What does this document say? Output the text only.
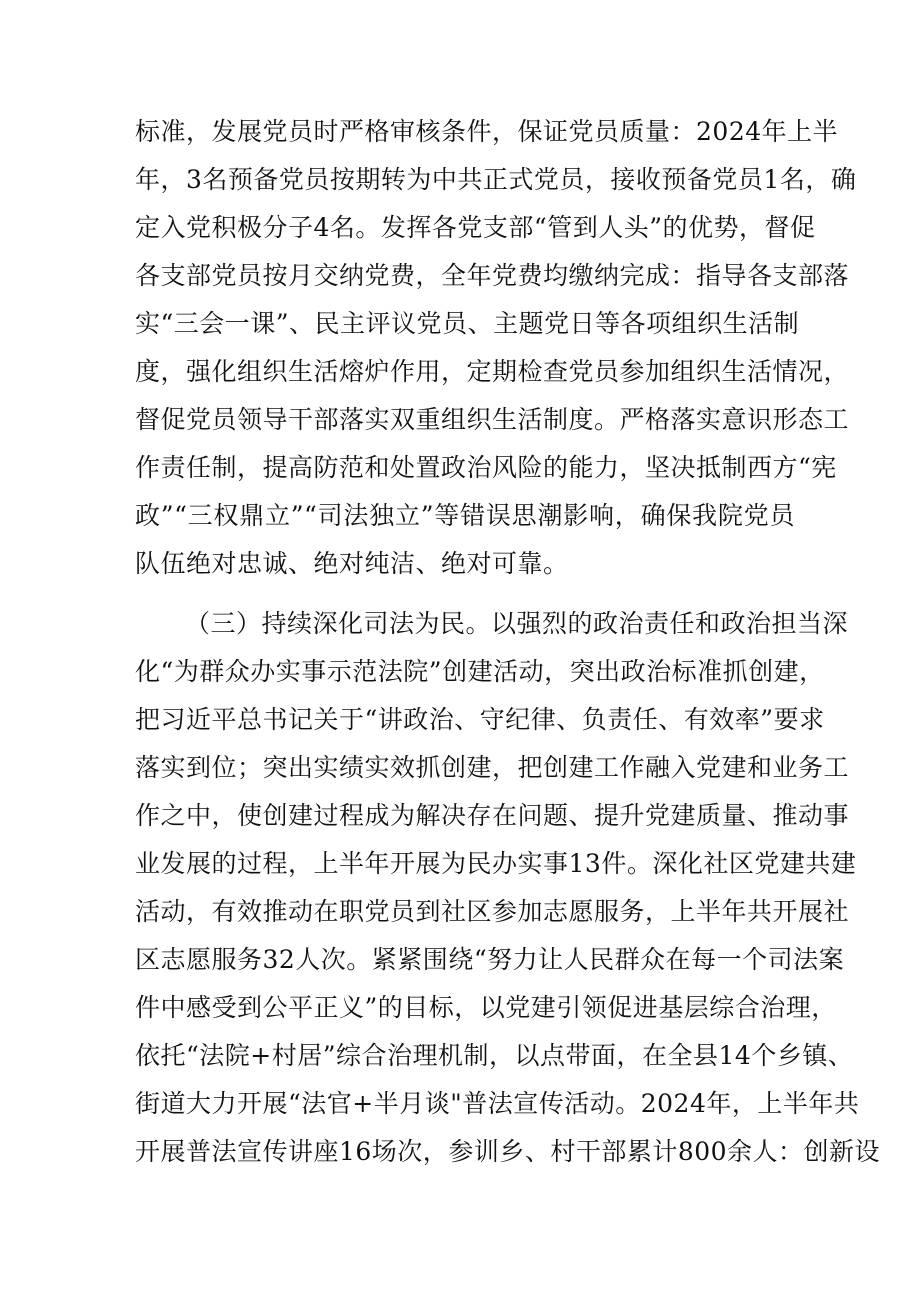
标准，发展党员时严格审核条件，保证党员质量：2024年上半
年，3名预备党员按期转为中共正式党员，接收预备党员1名，确
定入党积极分子4名。发挥各党支部“管到人头”的优势，督促
各支部党员按月交纳党费，全年党费均缴纳完成：指导各支部落
实“三会一课”、民主评议党员、主题党日等各项组织生活制
度，强化组织生活熔炉作用，定期检查党员参加组织生活情况，
督促党员领导干部落实双重组织生活制度。严格落实意识形态工
作责任制，提高防范和处置政治风险的能力，坚决抵制西方“宪
政”“三权鼎立”“司法独立”等错误思潮影响，确保我院党员
队伍绝对忠诚、绝对纯洁、绝对可靠。
（三）持续深化司法为民。以强烈的政治责任和政治担当深
化“为群众办实事示范法院”创建活动，突出政治标准抓创建，
把习近平总书记关于“讲政治、守纪律、负责任、有效率”要求
落实到位；突出实绩实效抓创建，把创建工作融入党建和业务工
作之中，使创建过程成为解决存在问题、提升党建质量、推动事
业发展的过程，上半年开展为民办实事13件。深化社区党建共建
活动，有效推动在职党员到社区参加志愿服务，上半年共开展社
区志愿服务32人次。紧紧围绕“努力让人民群众在每一个司法案
件中感受到公平正义”的目标，以党建引领促进基层综合治理，
依托“法院+村居”综合治理机制，以点带面，在全县14个乡镇、
街道大力开展“法官+半月谈"普法宣传活动。2024年，上半年共
开展普法宣传讲座16场次，参训乡、村干部累计800余人：创新设
